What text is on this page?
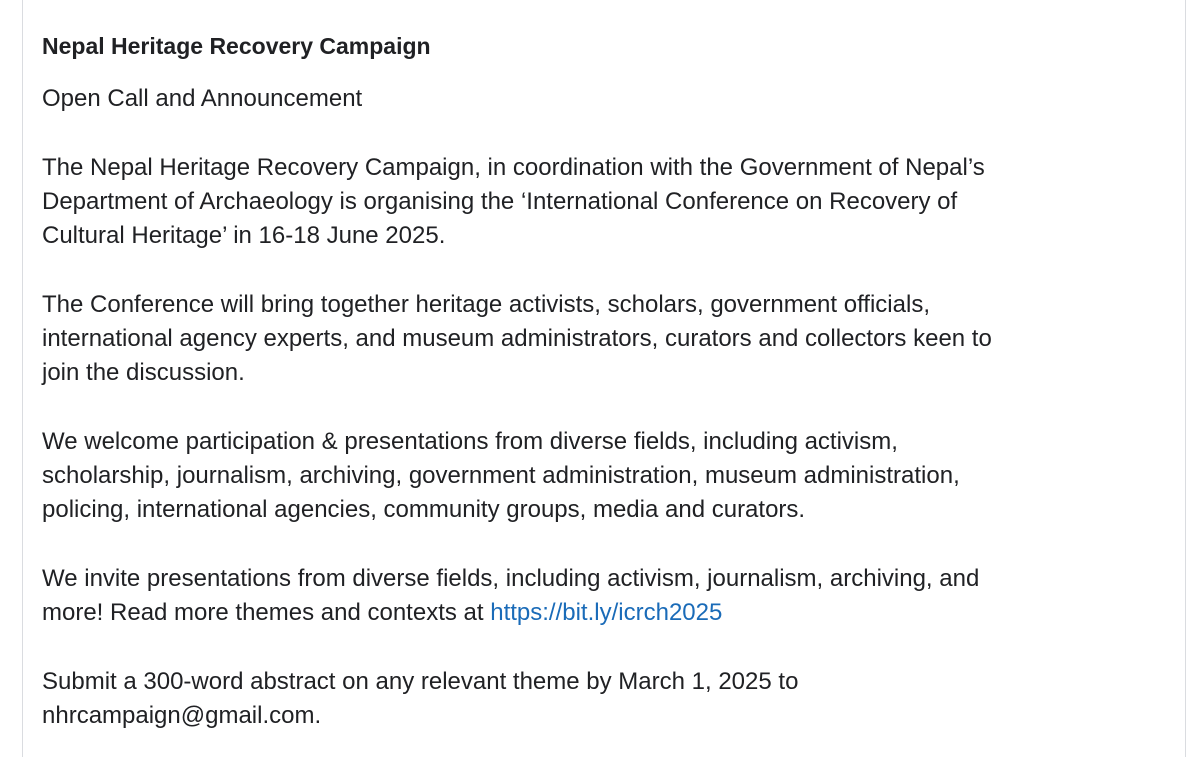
Nepal Heritage Recovery Campaign
Open Call and Announcement
The Nepal Heritage Recovery Campaign, in coordination with the Government of Nepal’s
Department of Archaeology is organising the ‘International Conference on Recovery of
Cultural Heritage’ in 16-18 June 2025.
The Conference will bring together heritage activists, scholars, government officials,
international agency experts, and museum administrators, curators and collectors keen to
join the discussion.
We welcome participation & presentations from diverse fields, including activism,
scholarship, journalism, archiving, government administration, museum administration,
policing, international agencies, community groups, media and curators.
We invite presentations from diverse fields, including activism, journalism, archiving, and
more! Read more themes and contexts at https://bit.ly/icrch2025
Submit a 300-word abstract on any relevant theme by March 1, 2025 to
nhrcampaign@gmail.com.
